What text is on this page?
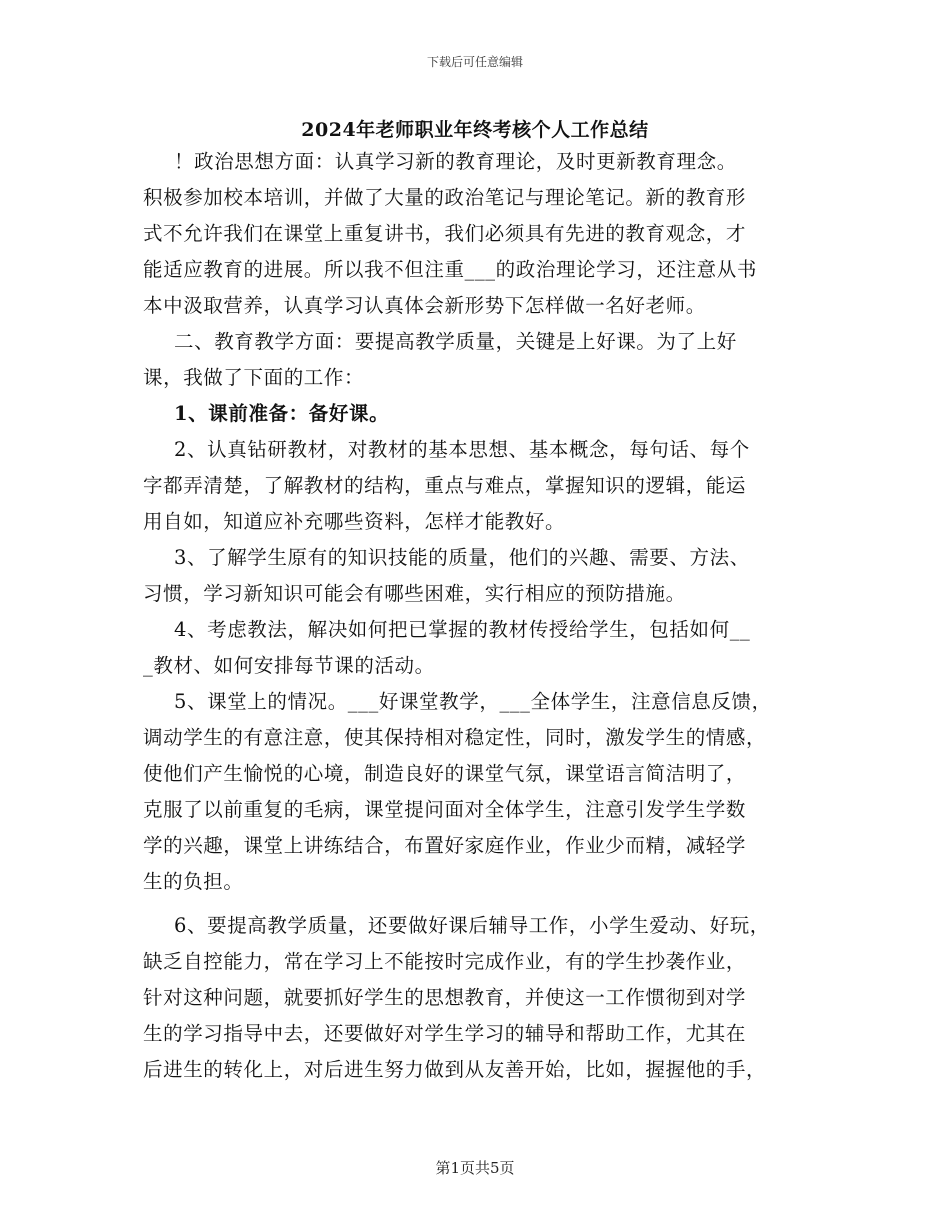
下载后可任意编辑
2024年老师职业年终考核个人工作总结
！政治思想方面：认真学习新的教育理论，及时更新教育理念。
积极参加校本培训，并做了大量的政治笔记与理论笔记。新的教育形
式不允许我们在课堂上重复讲书，我们必须具有先进的教育观念，才
能适应教育的进展。所以我不但注重___的政治理论学习，还注意从书
本中汲取营养，认真学习认真体会新形势下怎样做一名好老师。
二、教育教学方面：要提高教学质量，关键是上好课。为了上好
课，我做了下面的工作：
1、课前准备：备好课。
2、认真钻研教材，对教材的基本思想、基本概念，每句话、每个
字都弄清楚，了解教材的结构，重点与难点，掌握知识的逻辑，能运
用自如，知道应补充哪些资料，怎样才能教好。
3、了解学生原有的知识技能的质量，他们的兴趣、需要、方法、
习惯，学习新知识可能会有哪些困难，实行相应的预防措施。
4、考虑教法，解决如何把已掌握的教材传授给学生，包括如何__
_教材、如何安排每节课的活动。
5、课堂上的情况。___好课堂教学，___全体学生，注意信息反馈，
调动学生的有意注意，使其保持相对稳定性，同时，激发学生的情感，
使他们产生愉悦的心境，制造良好的课堂气氛，课堂语言简洁明了，
克服了以前重复的毛病，课堂提问面对全体学生，注意引发学生学数
学的兴趣，课堂上讲练结合，布置好家庭作业，作业少而精，减轻学
生的负担。
6、要提高教学质量，还要做好课后辅导工作，小学生爱动、好玩，
缺乏自控能力，常在学习上不能按时完成作业，有的学生抄袭作业，
针对这种问题，就要抓好学生的思想教育，并使这一工作惯彻到对学
生的学习指导中去，还要做好对学生学习的辅导和帮助工作，尤其在
后进生的转化上，对后进生努力做到从友善开始，比如，握握他的手，
第1页共5页
